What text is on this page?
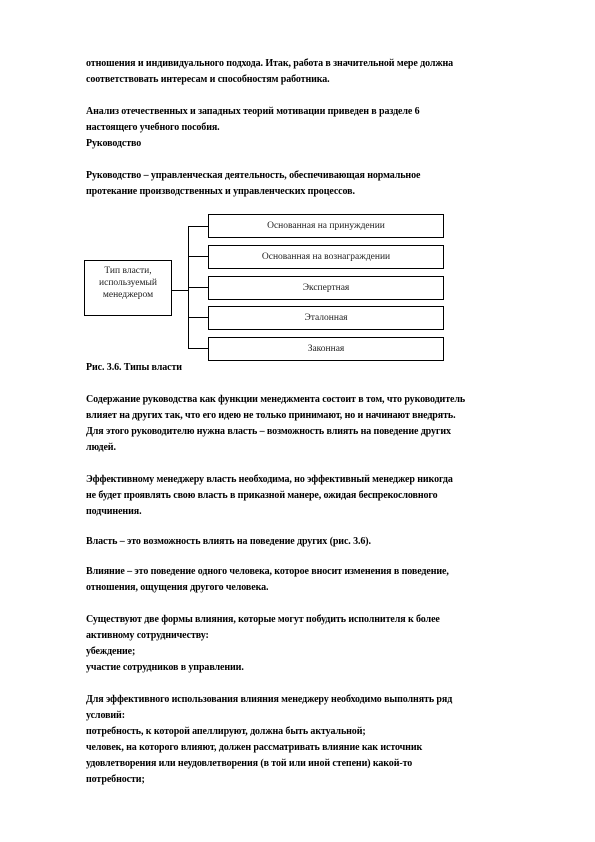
отношения и индивидуального подхода. Итак, работа в значительной мере должна
соответствовать интересам и способностям работника.
Анализ отечественных и западных теорий мотивации приведен в разделе 6
настоящего учебного пособия.
Руководство
Руководство – управленческая деятельность, обеспечивающая нормальное
протекание производственных и управленческих процессов.
Тип власти,
используемый
менеджером
Основанная на принуждении
Основанная на вознаграждении
Экспертная
Эталонная
Законная
Рис. 3.6. Типы власти
Содержание руководства как функции менеджмента состоит в том, что руководитель
влияет на других так, что его идею не только принимают, но и начинают внедрять.
Для этого руководителю нужна власть – возможность влиять на поведение других
людей.
Эффективному менеджеру власть необходима, но эффективный менеджер никогда
не будет проявлять свою власть в приказной манере, ожидая беспрекословного
подчинения.
Власть – это возможность влиять на поведение других (рис. 3.6).
Влияние – это поведение одного человека, которое вносит изменения в поведение,
отношения, ощущения другого человека.
Существуют две формы влияния, которые могут побудить исполнителя к более
активному сотрудничеству:
убеждение;
участие сотрудников в управлении.
Для эффективного использования влияния менеджеру необходимо выполнять ряд
условий:
потребность, к которой апеллируют, должна быть актуальной;
человек, на которого влияют, должен рассматривать влияние как источник
удовлетворения или неудовлетворения (в той или иной степени) какой-то
потребности;
